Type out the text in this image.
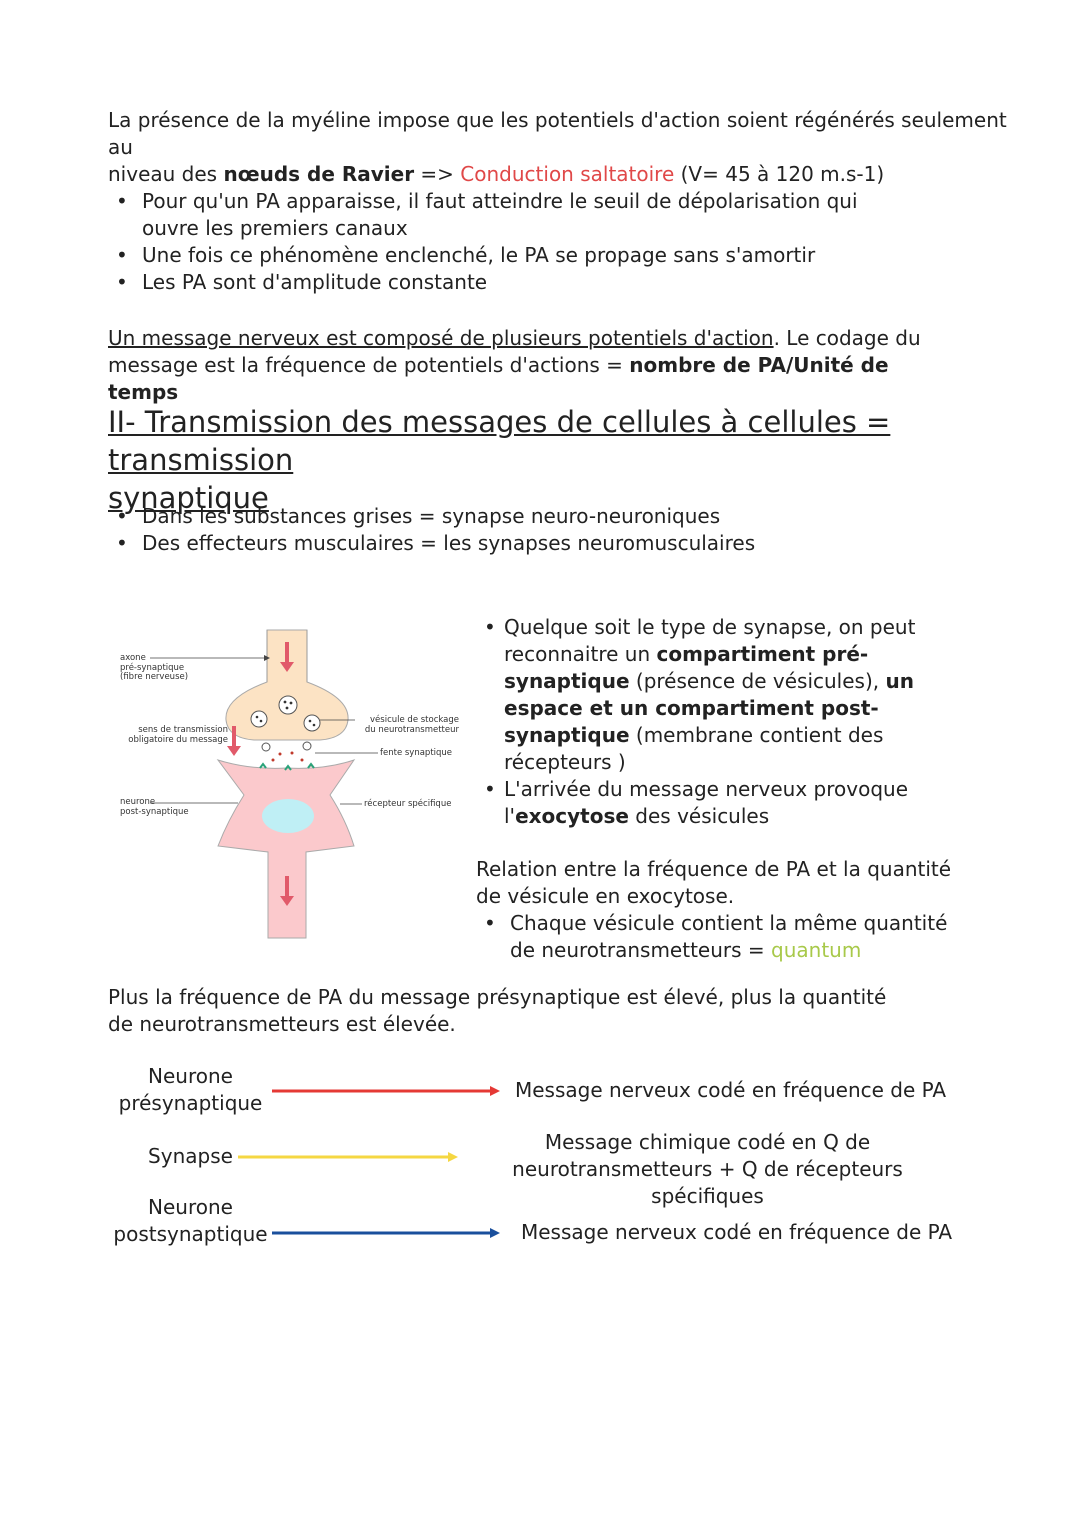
La présence de la myéline impose que les potentiels d'action soient régénérés seulement au
niveau des nœuds de Ravier => Conduction saltatoire (V= 45 à 120 m.s-1)
• Pour qu'un PA apparaisse, il faut atteindre le seuil de dépolarisation qui ouvre les premiers canaux
• Une fois ce phénomène enclenché, le PA se propage sans s'amortir
• Les PA sont d'amplitude constante
Un message nerveux est composé de plusieurs potentiels d'action. Le codage du message est la fréquence de potentiels d'actions = nombre de PA/Unité de temps
II- Transmission des messages de cellules à cellules = transmission
synaptique
• Dans les substances grises = synapse neuro-neuroniques
• Des effecteurs musculaires = les synapses neuromusculaires
axone
pré-synaptique
(fibre nerveuse)
sens de transmission
obligatoire du message
neurone
post-synaptique
vésicule de stockage
du neurotransmetteur
fente synaptique
récepteur spécifique
• Quelque soit le type de synapse, on peut reconnaitre un compartiment pré-synaptique (présence de vésicules), un espace et un compartiment post-synaptique (membrane contient des récepteurs )
• L'arrivée du message nerveux provoque l'exocytose des vésicules
Relation entre la fréquence de PA et la quantité de vésicule en exocytose.
• Chaque vésicule contient la même quantité de neurotransmetteurs = quantum
Plus la fréquence de PA du message présynaptique est élevé, plus la quantité de neurotransmetteurs est élevée.
Neurone
présynaptique
Message nerveux codé en fréquence de PA
Synapse
Message chimique codé en Q de
neurotransmetteurs + Q de récepteurs spécifiques
Neurone
postsynaptique	Message nerveux codé en fréquence de PA
